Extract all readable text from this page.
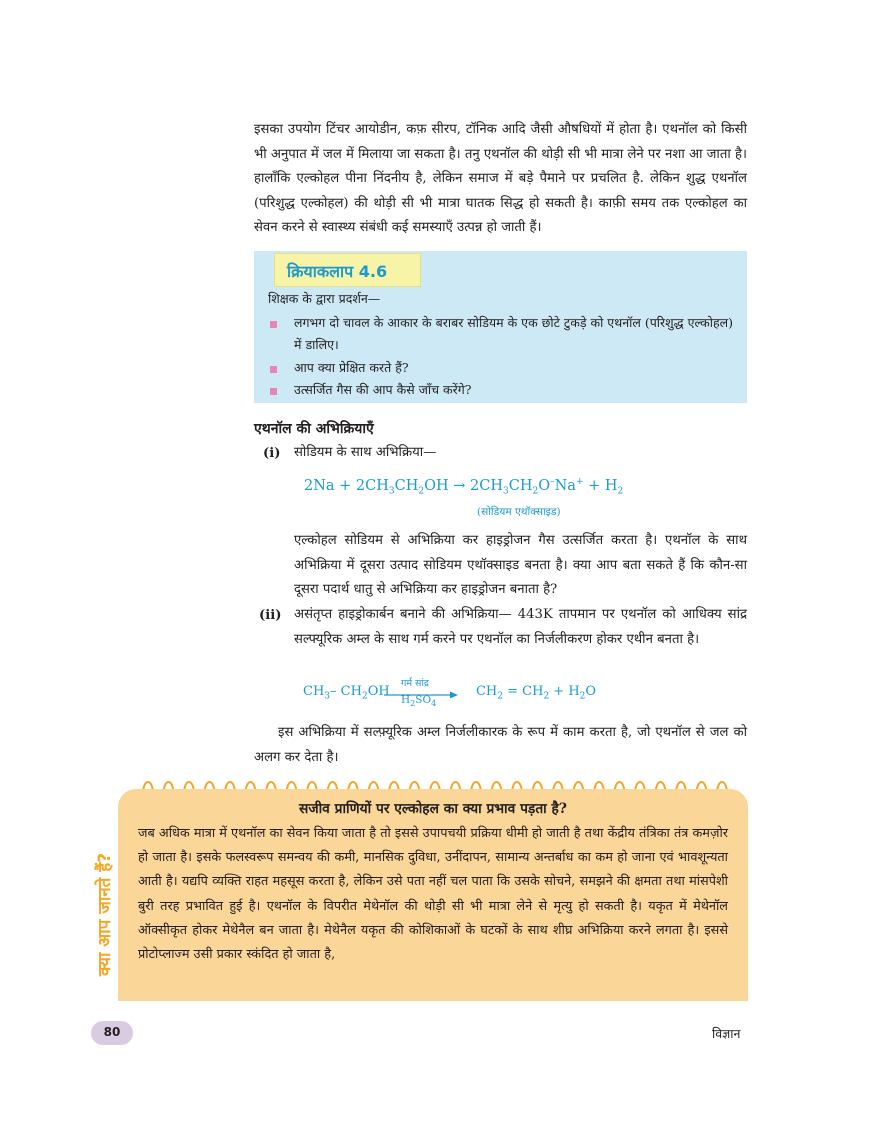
इसका उपयोग टिंचर आयोडीन, कफ़ सीरप, टॉनिक आदि जैसी औषधियों में होता है। एथनॉल को किसी भी अनुपात में जल में मिलाया जा सकता है। तनु एथनॉल की थोड़ी सी भी मात्रा लेने पर नशा आ जाता है। हालाँकि एल्कोहल पीना निंदनीय है, लेकिन समाज में बड़े पैमाने पर प्रचलित है. लेकिन शुद्ध एथनॉल (परिशुद्ध एल्कोहल) की थोड़ी सी भी मात्रा घातक सिद्ध हो सकती है। काफ़ी समय तक एल्कोहल का सेवन करने से स्वास्थ्य संबंधी कई समस्याएँ उत्पन्न हो जाती हैं।

क्रियाकलाप 4.6
शिक्षक के द्वारा प्रदर्शन—
लगभग दो चावल के आकार के बराबर सोडियम के एक छोटे टुकड़े को एथनॉल (परिशुद्ध एल्कोहल) में डालिए।
आप क्या प्रेक्षित करते हैं?
उत्सर्जित गैस की आप कैसे जाँच करेंगे?
एथनॉल की अभिक्रियाएँ
(i) सोडियम के साथ अभिक्रिया—
$2Na + 2CH_3CH_2OH \to 2CH_3CH_2O^-Na^+ + H_2$
(सोडियम एथॉक्साइड)

एल्कोहल सोडियम से अभिक्रिया कर हाइड्रोजन गैस उत्सर्जित करता है। एथनॉल के साथ अभिक्रिया में दूसरा उत्पाद सोडियम एथॉक्साइड बनता है। क्या आप बता सकते हैं कि कौन-सा दूसरा पदार्थ धातु से अभिक्रिया कर हाइड्रोजन बनाता है?

(ii) असंतृप्त हाइड्रोकार्बन बनाने की अभिक्रिया— 443K तापमान पर एथनॉल को आधिक्य सांद्र सल्फ्यूरिक अम्ल के साथ गर्म करने पर एथनॉल का निर्जलीकरण होकर एथीन बनता है।

$CH_3-$ $CH_2OH$	$CH_2 = CH_2 + H_2O$
गर्म सांद्र
$H_2SO_4$

इस अभिक्रिया में सल्फ़्यूरिक अम्ल निर्जलीकारक के रूप में काम करता है, जो एथनॉल से जल को अलग कर देता है।

सजीव प्राणियों पर एल्कोहल का क्या प्रभाव पड़ता है?

जब अधिक मात्रा में एथनॉल का सेवन किया जाता है तो इससे उपापचयी प्रक्रिया धीमी हो जाती है तथा केंद्रीय तंत्रिका तंत्र कमज़ोर हो जाता है। इसके फलस्वरूप समन्वय की कमी, मानसिक दुविधा, उनींदापन, सामान्य अन्तर्बाध का कम हो जाना एवं भावशून्यता आती है। यद्यपि व्यक्ति राहत महसूस करता है, लेकिन उसे पता नहीं चल पाता कि उसके सोचने, समझने की क्षमता तथा मांसपेशी बुरी तरह प्रभावित हुई है। एथनॉल के विपरीत मेथेनॉल की थोड़ी सी भी मात्रा लेने से मृत्यु हो सकती है। यकृत में मेथेनॉल ऑक्सीकृत होकर मेथेनैल बन जाता है। मेथेनैल यकृत की कोशिकाओं के घटकों के साथ शीघ्र अभिक्रिया करने लगता है। इससे प्रोटोप्लाज्म उसी प्रकार स्कंदित हो जाता है,

क्या आप जानते हैं?
80	विज्ञान
